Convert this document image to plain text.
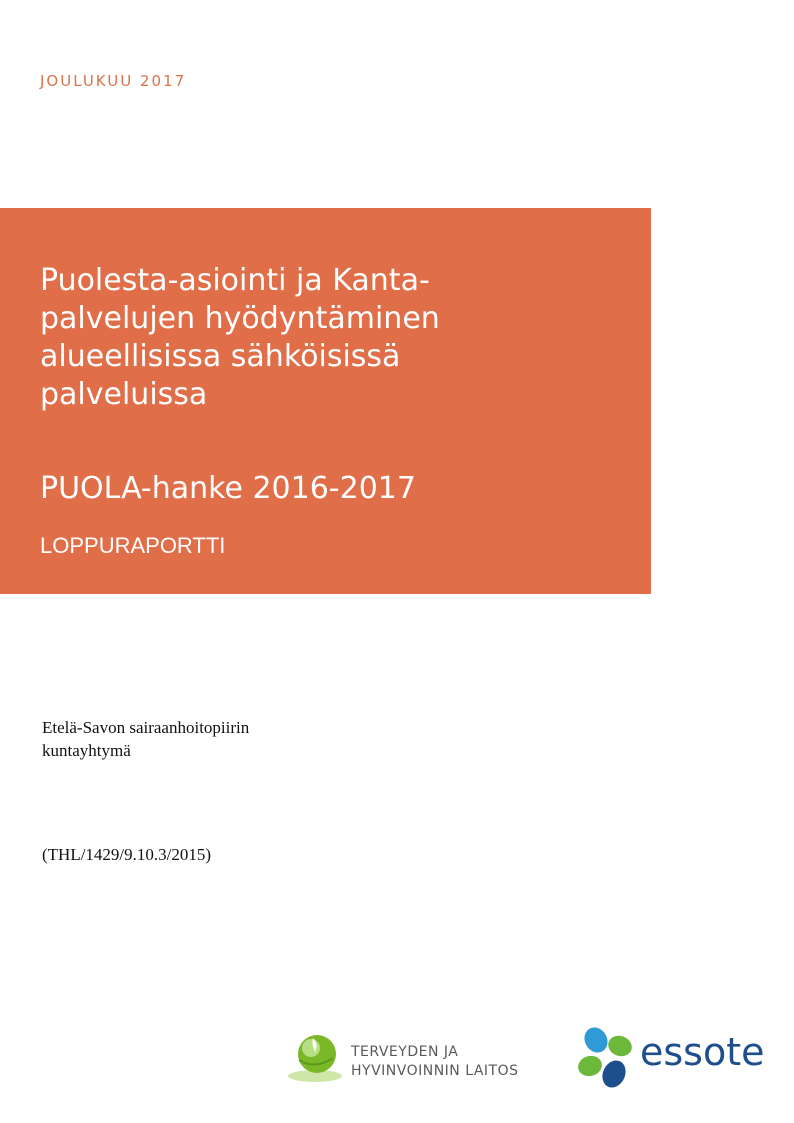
JOULUKUU 2017
Puolesta-asiointi ja Kanta-
palvelujen hyödyntäminen
alueellisissa sähköisissä
palveluissa
PUOLA-hanke 2016-2017
LOPPURAPORTTI
Etelä-Savon sairaanhoitopiirin
kuntayhtymä
(THL/1429/9.10.3/2015)
TERVEYDEN JA
HYVINVOINNIN LAITOS	essote
